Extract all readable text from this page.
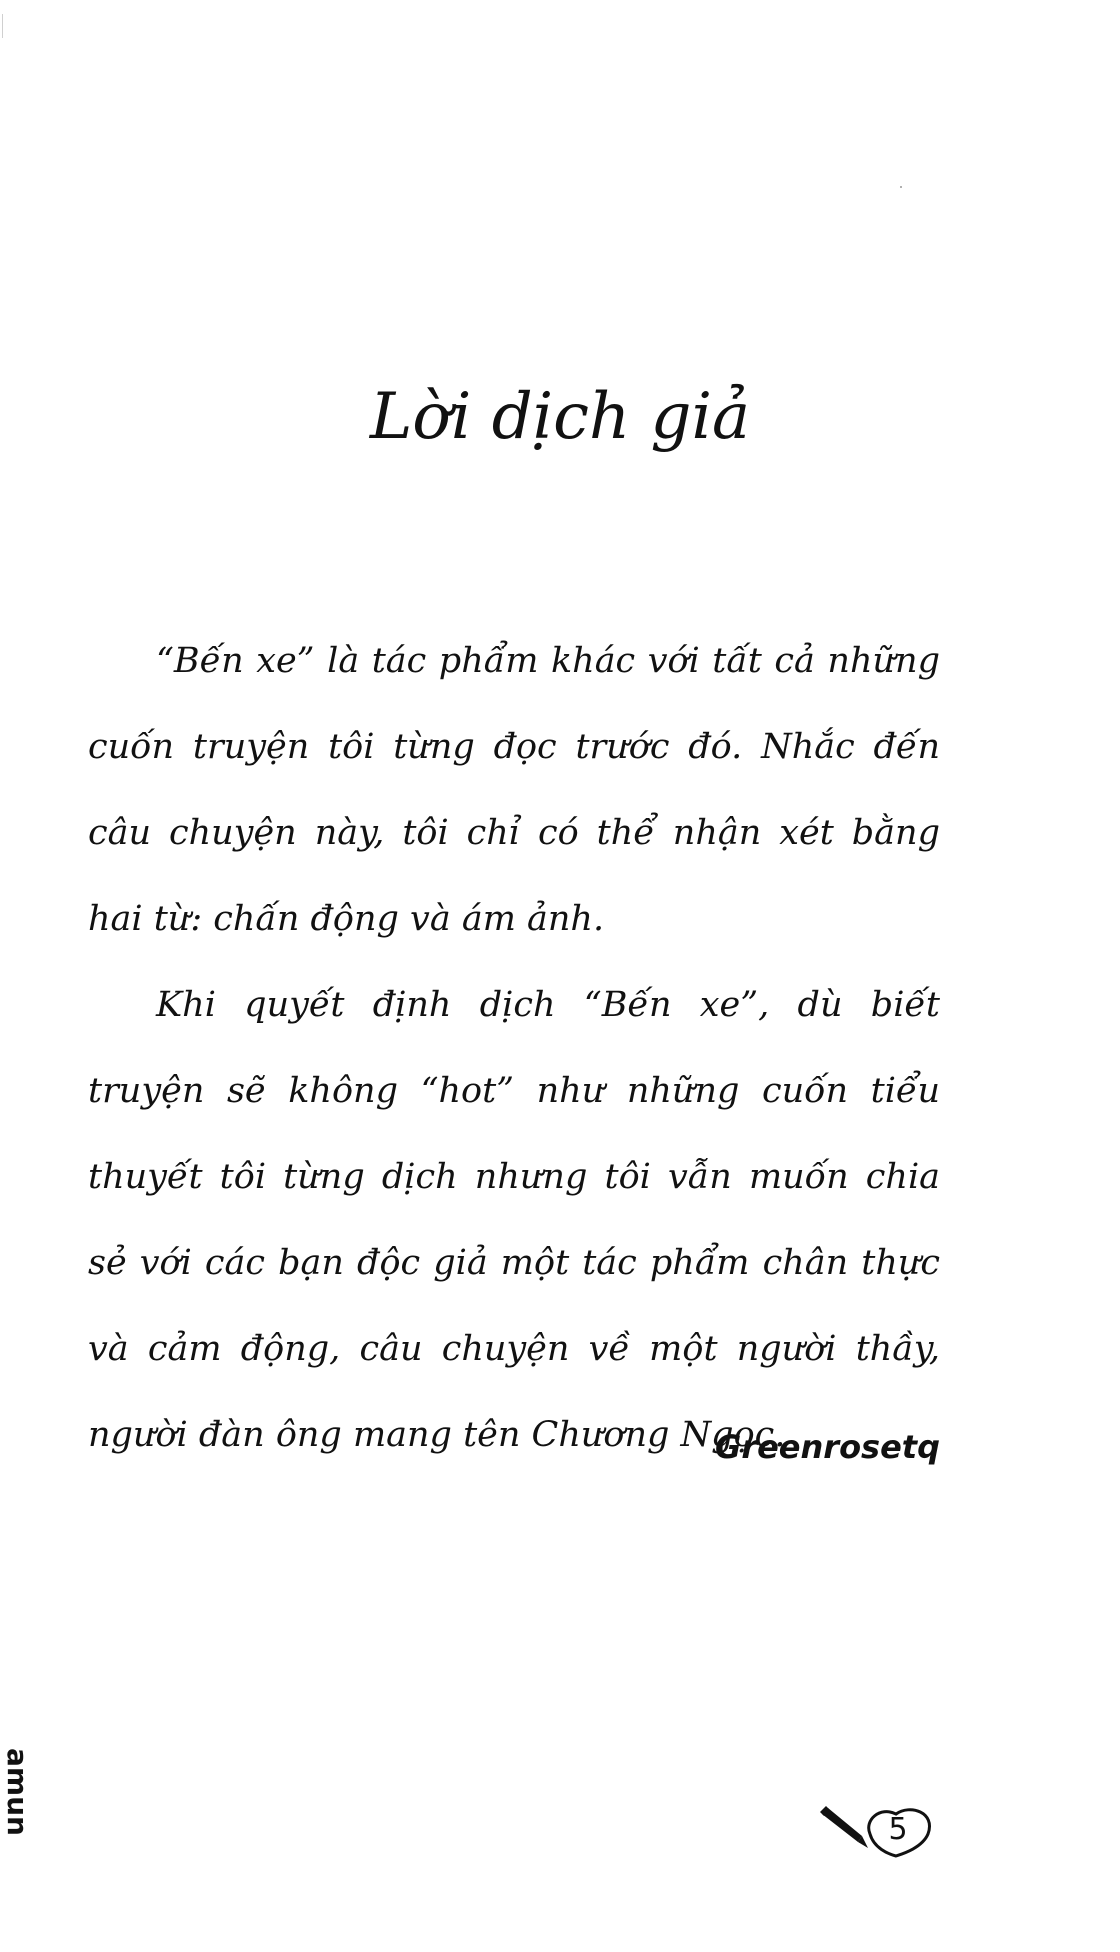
Lời dịch giả

“Bến xe” là tác phẩm khác với tất cả những cuốn truyện tôi từng đọc trước đó. Nhắc đến câu chuyện này, tôi chỉ có thể nhận xét bằng hai từ: chấn động và ám ảnh.

Khi quyết định dịch “Bến xe”, dù biết truyện sẽ không “hot” như những cuốn tiểu thuyết tôi từng dịch nhưng tôi vẫn muốn chia sẻ với các bạn độc giả một tác phẩm chân thực và cảm động, câu chuyện về một người thầy, người đàn ông mang tên Chương Ngọc.

Greenrosetq
amun	5
